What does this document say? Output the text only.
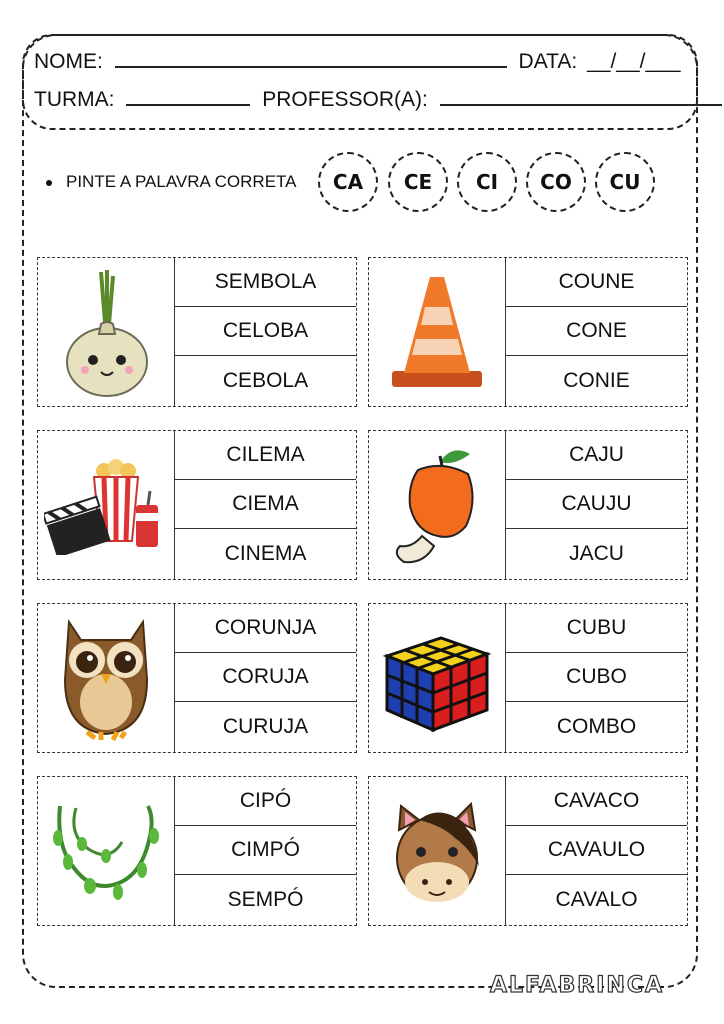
NOME:	DATA: __/__/___
TURMA:	PROFESSOR(A):
PINTE A PALAVRA CORRETA	CA	CE	CI	CO	CU
SEMBOLA
CELOBA
CEBOLA
COUNE
CONE
CONIE
CILEMA
CIEMA
CINEMA
CAJU
CAUJU
JACU
CORUNJA
CORUJA
CURUJA
CUBU
CUBO
COMBO
CIPÓ
CIMPÓ
SEMPÓ
CAVACO
CAVAULO
CAVALO
ALFABRINCA
